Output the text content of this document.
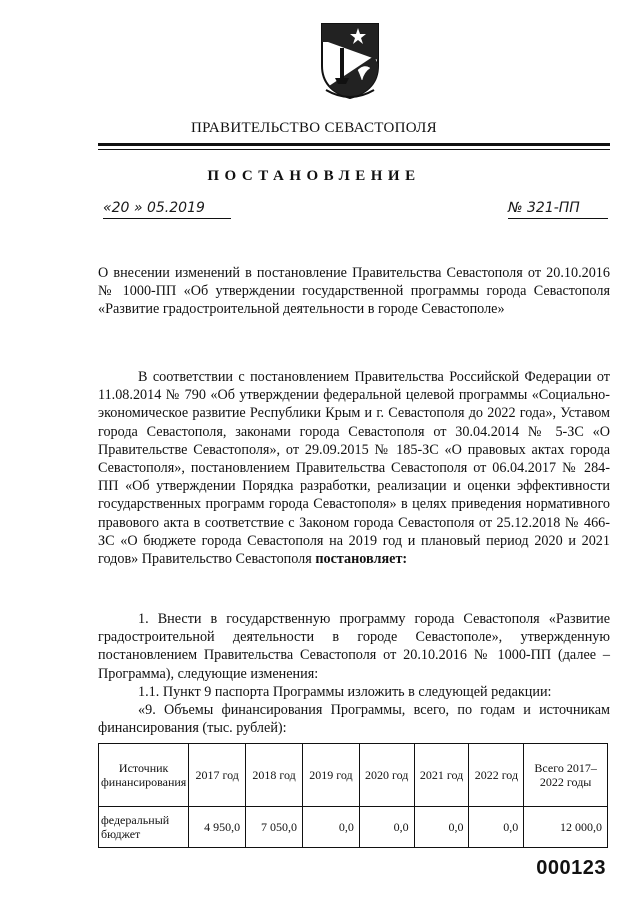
ПРАВИТЕЛЬСТВО СЕВАСТОПОЛЯ
ПОСТАНОВЛЕНИЕ
«20 » 05.2019	№ 321-ПП
О внесении изменений в постановление Правительства Севастополя от 20.10.2016 № 1000-ПП «Об утверждении государственной программы города Севастополя «Развитие градостроительной деятельности в городе Севастополе»
В соответствии с постановлением Правительства Российской Федерации от 11.08.2014 № 790 «Об утверждении федеральной целевой программы «Социально-экономическое развитие Республики Крым и г. Севастополя до 2022 года», Уставом города Севастополя, законами города Севастополя от 30.04.2014 № 5-ЗС «О Правительстве Севастополя», от 29.09.2015 № 185-ЗС «О правовых актах города Севастополя», постановлением Правительства Севастополя от 06.04.2017 № 284-ПП «Об утверждении Порядка разработки, реализации и оценки эффективности государственных программ города Севастополя» в целях приведения нормативного правового акта в соответствие с Законом города Севастополя от 25.12.2018 № 466-ЗС «О бюджете города Севастополя на 2019 год и плановый период 2020 и 2021 годов» Правительство Севастополя постановляет:
1. Внести в государственную программу города Севастополя «Развитие градостроительной деятельности в городе Севастополе», утвержденную постановлением Правительства Севастополя от 20.10.2016 № 1000-ПП (далее – Программа), следующие изменения:
1.1. Пункт 9 паспорта Программы изложить в следующей редакции:
«9. Объемы финансирования Программы, всего, по годам и источникам финансирования (тыс. рублей):
Источник финансирования	2017 год	2018 год	2019 год	2020 год	2021 год	2022 год	Всего 2017–2022 годы
федеральный бюджет	4 950,0	7 050,0	0,0	0,0	0,0	0,0	12 000,0
000123
